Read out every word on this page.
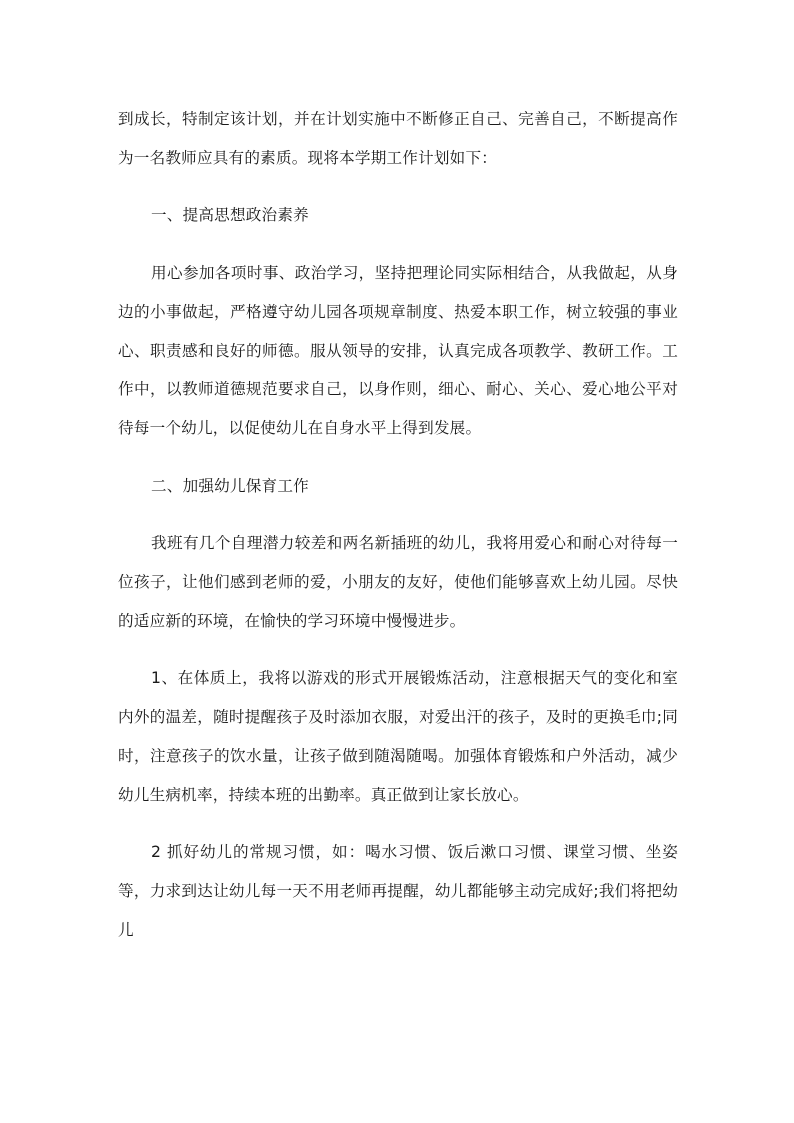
到成长，特制定该计划，并在计划实施中不断修正自己、完善自己，不断提高作为一名教师应具有的素质。现将本学期工作计划如下：

一、提高思想政治素养

用心参加各项时事、政治学习，坚持把理论同实际相结合，从我做起，从身边的小事做起，严格遵守幼儿园各项规章制度、热爱本职工作，树立较强的事业心、职责感和良好的师德。服从领导的安排，认真完成各项教学、教研工作。工作中，以教师道德规范要求自己，以身作则，细心、耐心、关心、爱心地公平对待每一个幼儿，以促使幼儿在自身水平上得到发展。

二、加强幼儿保育工作

我班有几个自理潜力较差和两名新插班的幼儿，我将用爱心和耐心对待每一位孩子，让他们感到老师的爱，小朋友的友好，使他们能够喜欢上幼儿园。尽快的适应新的环境，在愉快的学习环境中慢慢进步。

1、在体质上，我将以游戏的形式开展锻炼活动，注意根据天气的变化和室内外的温差，随时提醒孩子及时添加衣服，对爱出汗的孩子，及时的更换毛巾;同时，注意孩子的饮水量，让孩子做到随渴随喝。加强体育锻炼和户外活动，减少幼儿生病机率，持续本班的出勤率。真正做到让家长放心。

2 抓好幼儿的常规习惯，如：喝水习惯、饭后漱口习惯、课堂习惯、坐姿等，力求到达让幼儿每一天不用老师再提醒，幼儿都能够主动完成好;我们将把幼儿
